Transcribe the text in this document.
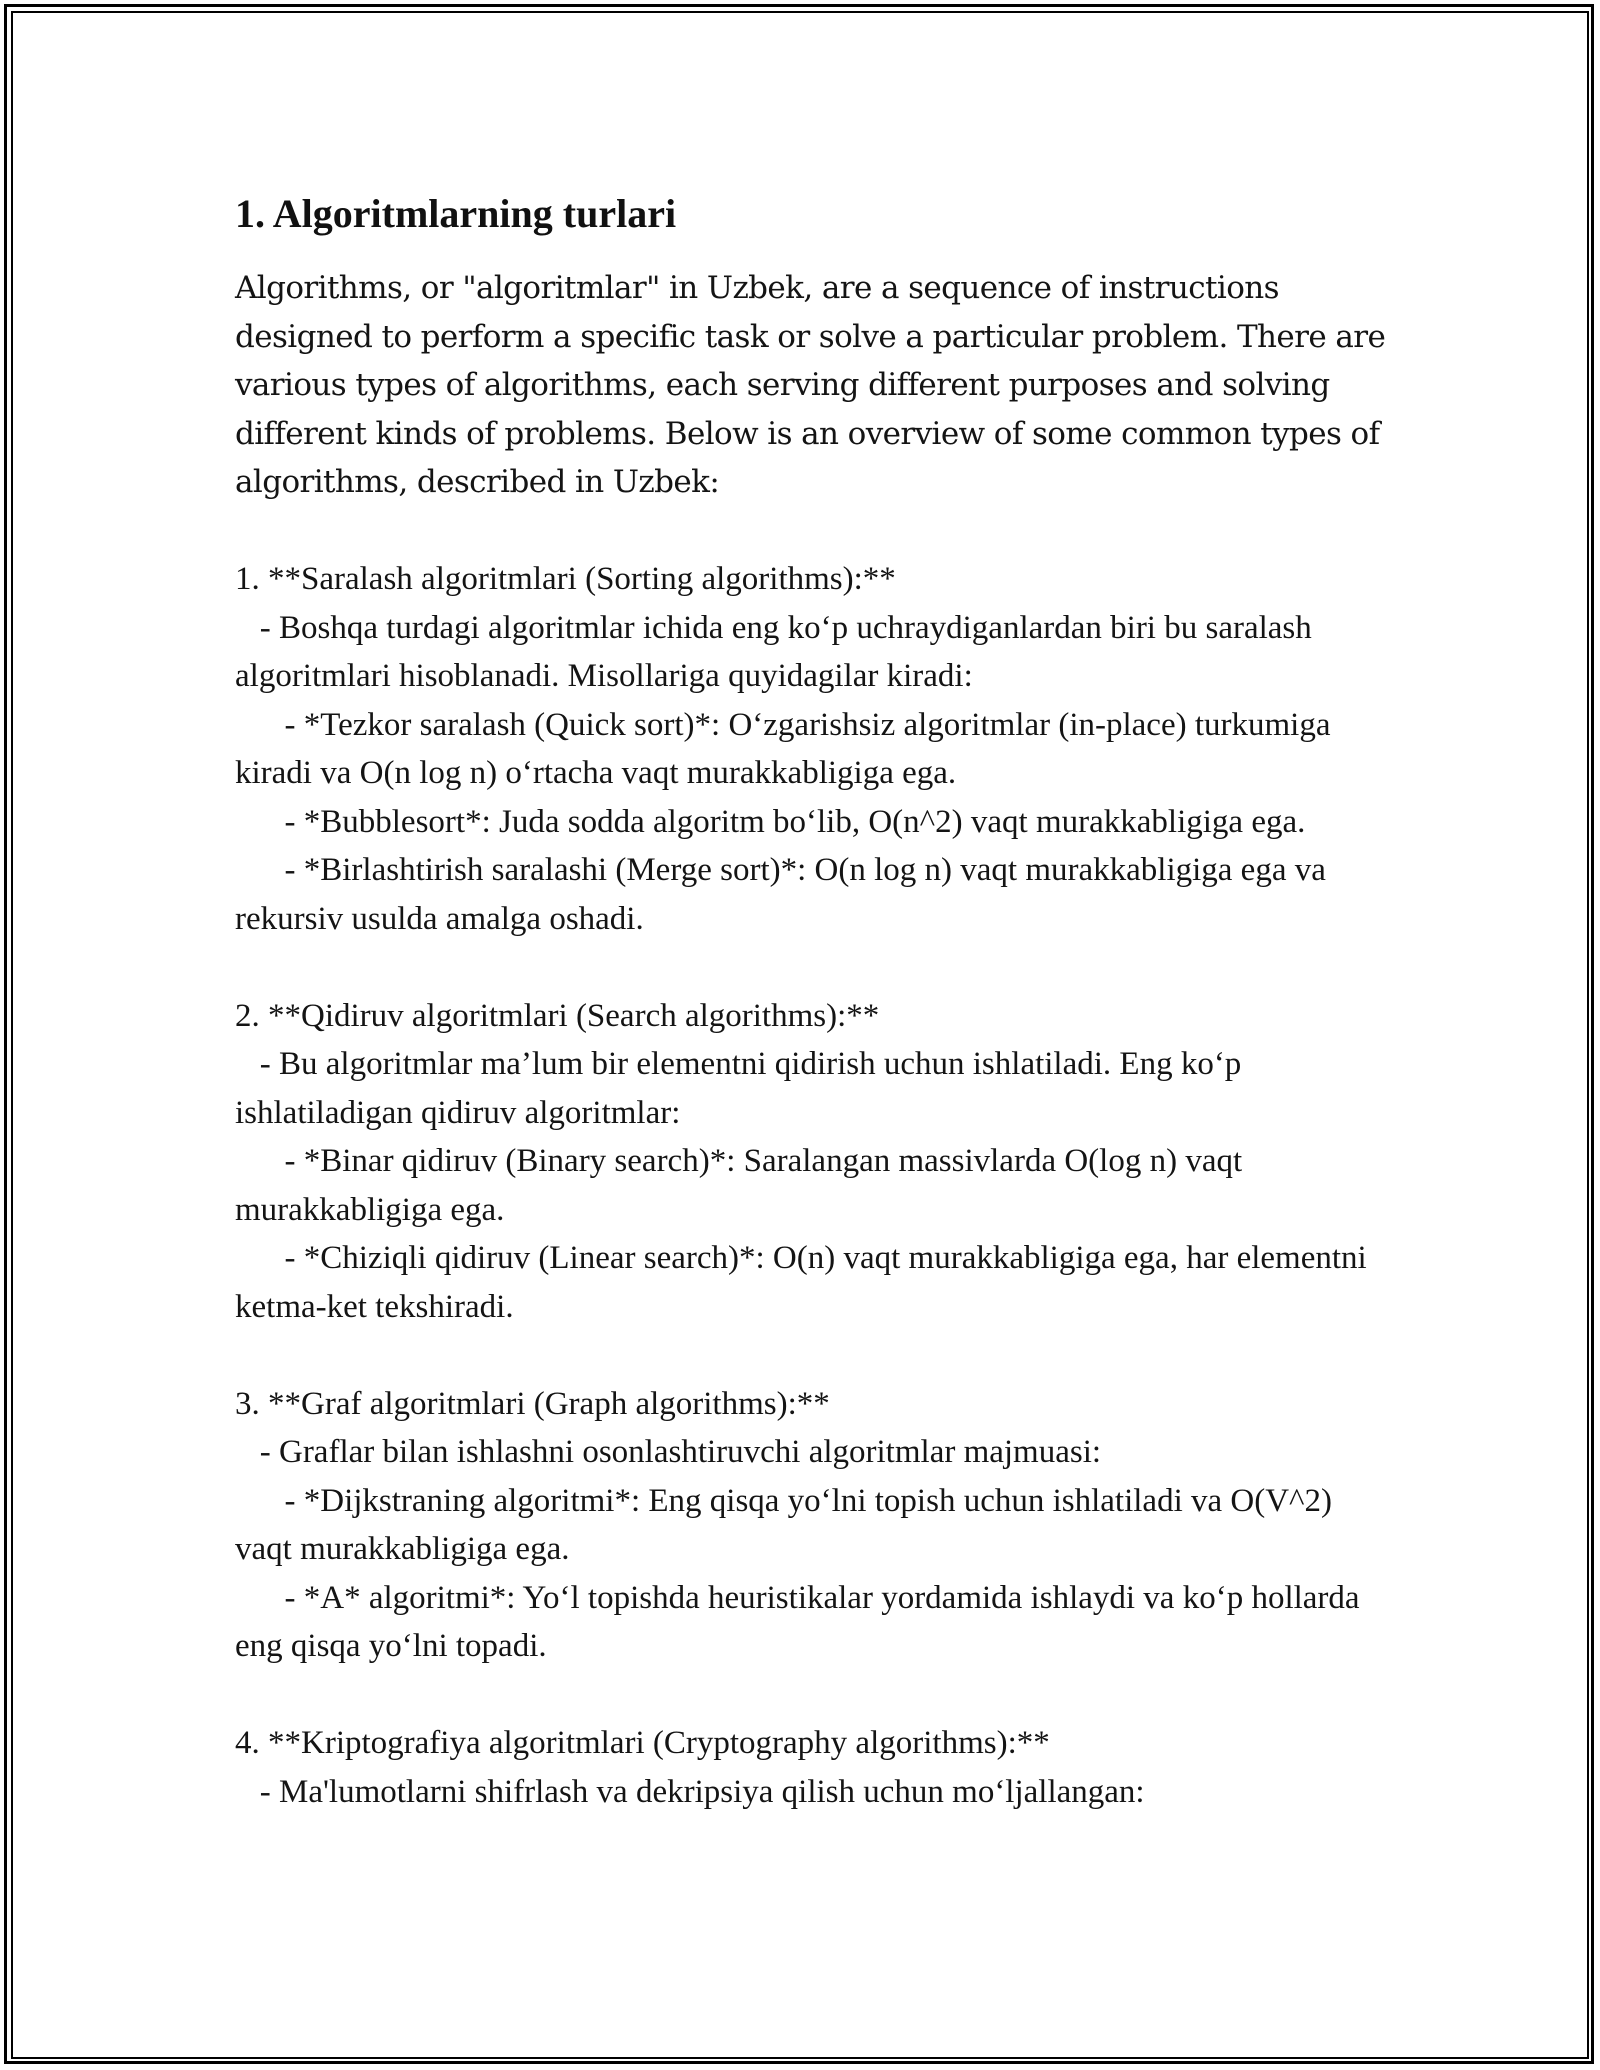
1. Algoritmlarning turlari

Algorithms, or "algoritmlar" in Uzbek, are a sequence of instructions designed to perform a specific task or solve a particular problem. There are various types of algorithms, each serving different purposes and solving different kinds of problems. Below is an overview of some common types of algorithms, described in Uzbek:

1. **Saralash algoritmlari (Sorting algorithms):**

- Boshqa turdagi algoritmlar ichida eng ko‘p uchraydiganlardan biri bu saralash algoritmlari hisoblanadi. Misollariga quyidagilar kiradi:

- *Tezkor saralash (Quick sort)*: O‘zgarishsiz algoritmlar (in-place) turkumiga kiradi va O(n log n) o‘rtacha vaqt murakkabligiga ega.

- *Bubblesort*: Juda sodda algoritm bo‘lib, O(n^2) vaqt murakkabligiga ega.

- *Birlashtirish saralashi (Merge sort)*: O(n log n) vaqt murakkabligiga ega va rekursiv usulda amalga oshadi.

2. **Qidiruv algoritmlari (Search algorithms):**

- Bu algoritmlar ma’lum bir elementni qidirish uchun ishlatiladi. Eng ko‘p ishlatiladigan qidiruv algoritmlar:

- *Binar qidiruv (Binary search)*: Saralangan massivlarda O(log n) vaqt murakkabligiga ega.

- *Chiziqli qidiruv (Linear search)*: O(n) vaqt murakkabligiga ega, har elementni ketma-ket tekshiradi.

3. **Graf algoritmlari (Graph algorithms):**

- Graflar bilan ishlashni osonlashtiruvchi algoritmlar majmuasi:

- *Dijkstraning algoritmi*: Eng qisqa yo‘lni topish uchun ishlatiladi va O(V^2) vaqt murakkabligiga ega.

- *A* algoritmi*: Yo‘l topishda heuristikalar yordamida ishlaydi va ko‘p hollarda eng qisqa yo‘lni topadi.

4. **Kriptografiya algoritmlari (Cryptography algorithms):**

- Ma'lumotlarni shifrlash va dekripsiya qilish uchun mo‘ljallangan:
